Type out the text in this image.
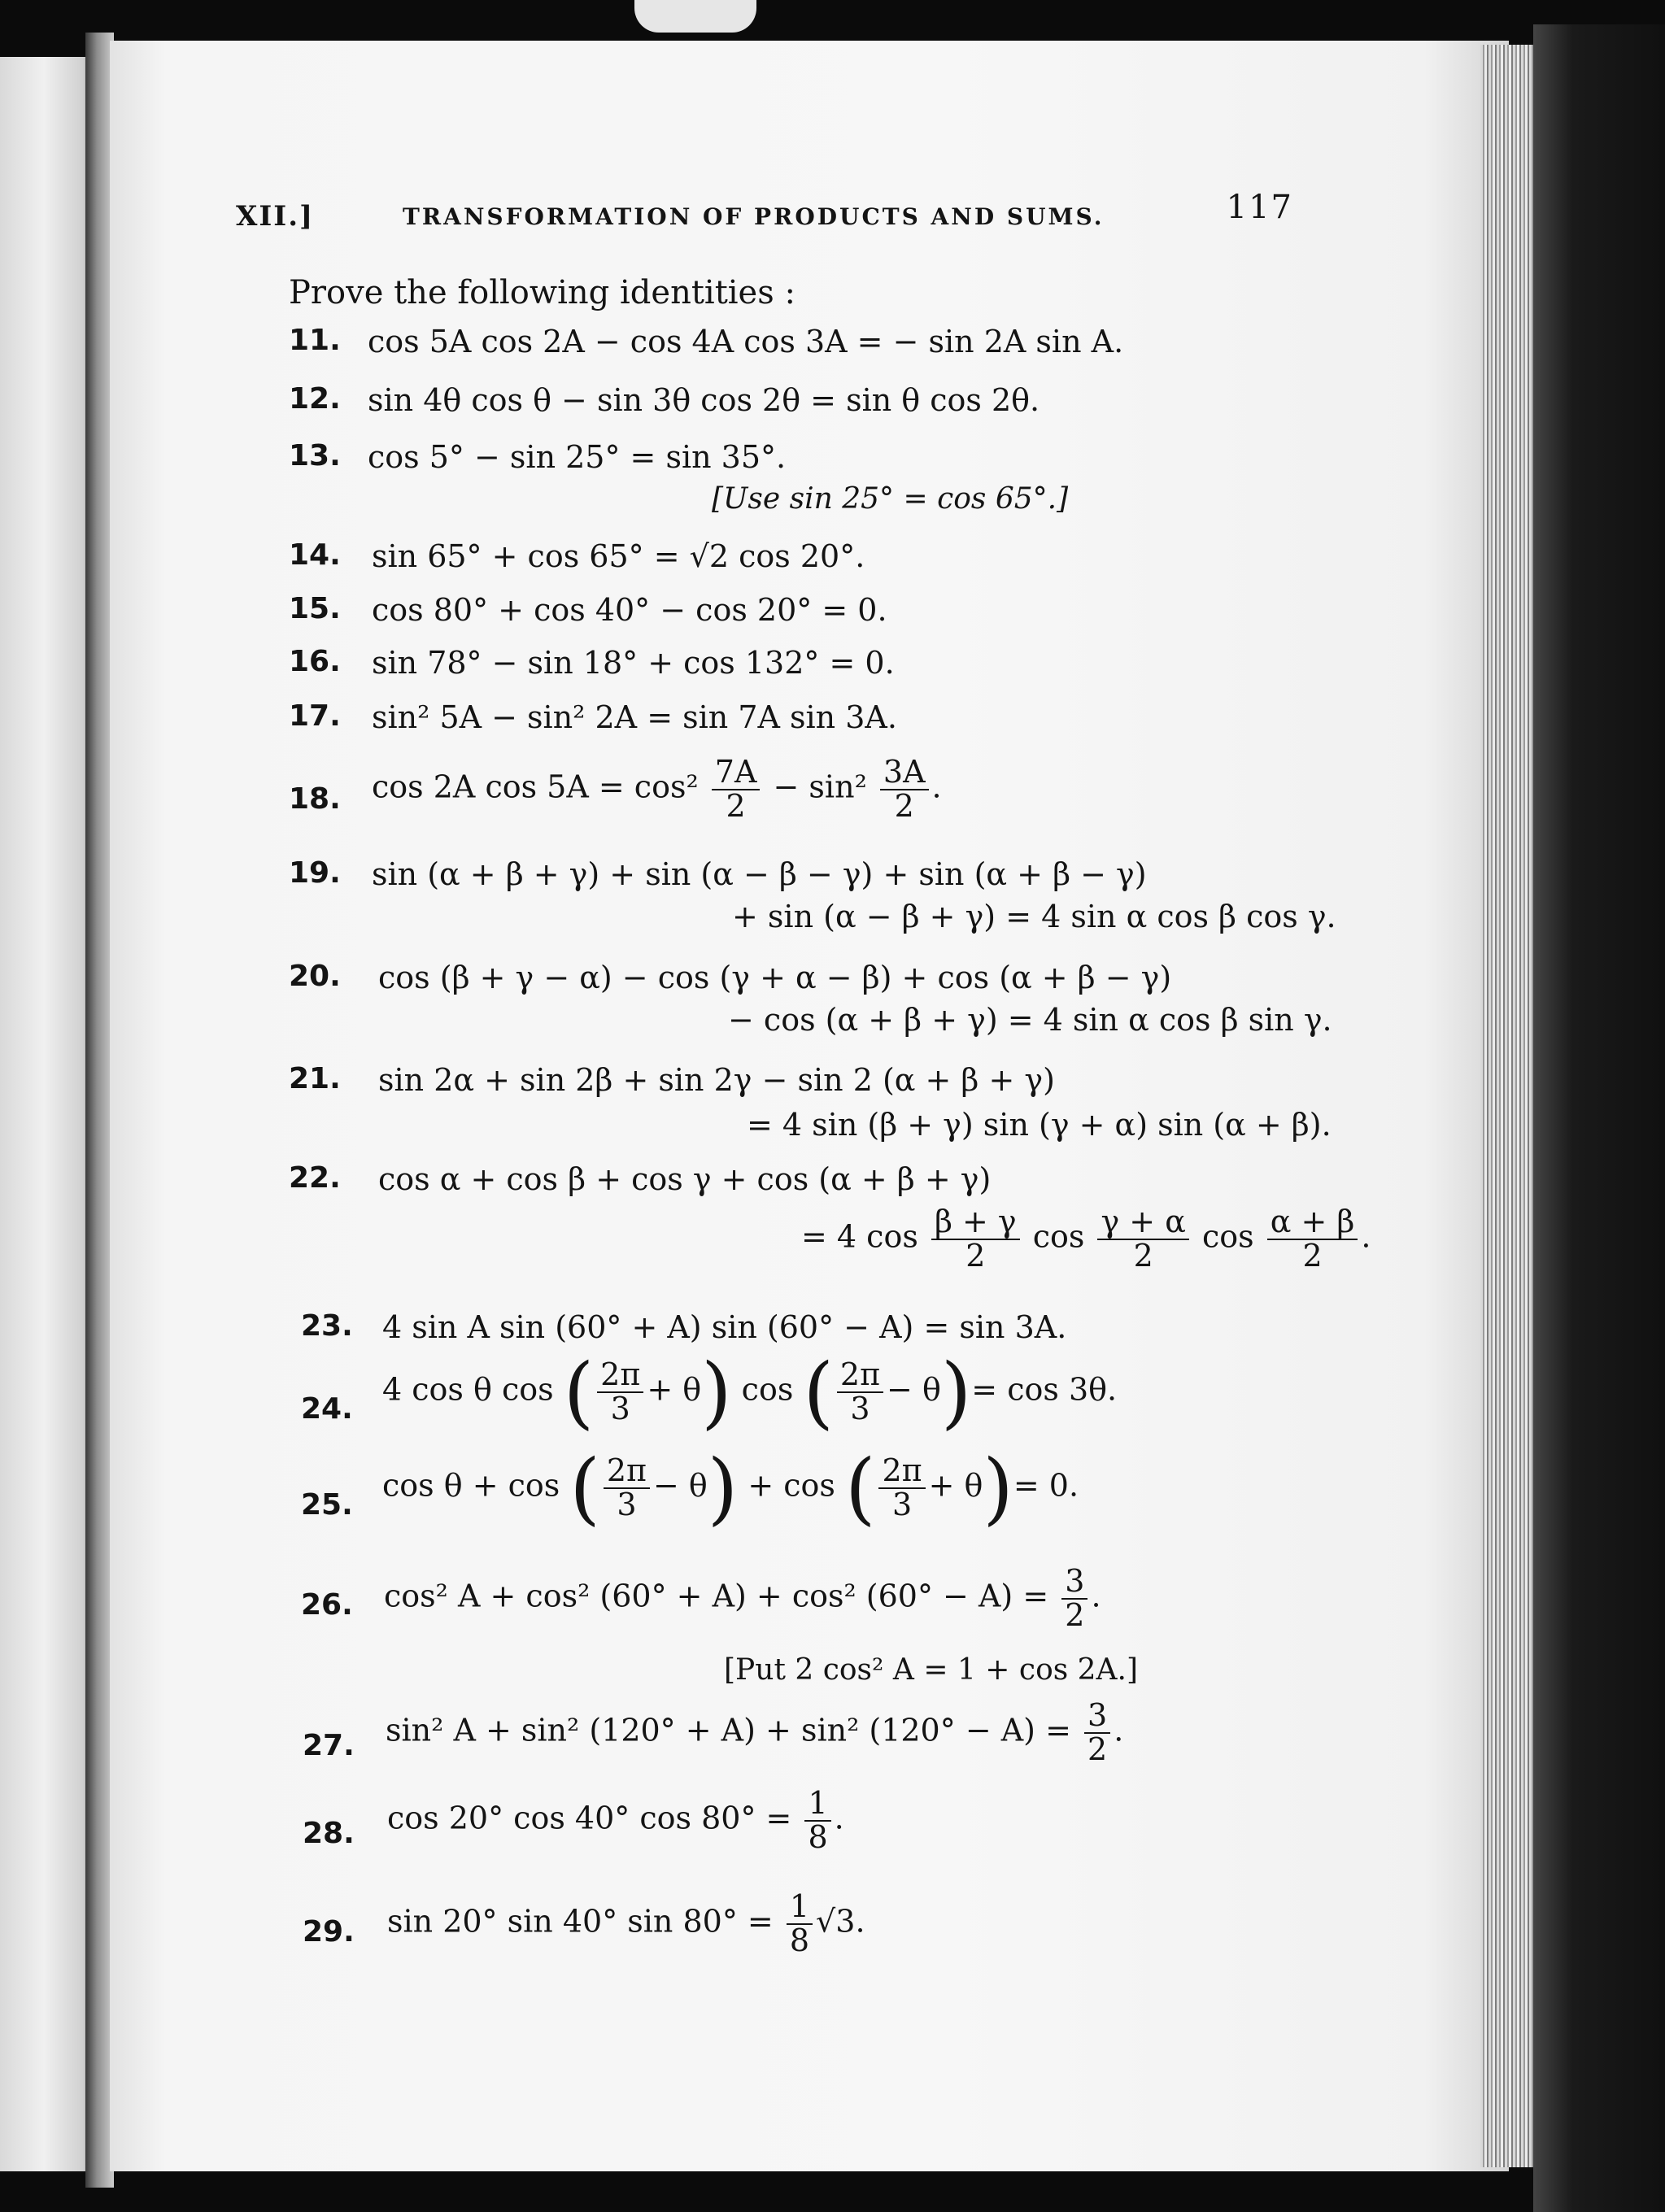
XII.]	TRANSFORMATION OF PRODUCTS AND SUMS.	117
Prove the following identities :
11. cos 5A cos 2A − cos 4A cos 3A = − sin 2A sin A.
12. sin 4θ cos θ − sin 3θ cos 2θ = sin θ cos 2θ.
13. cos 5° − sin 25° = sin 35°.
[Use sin 25° = cos 65°.]
14. sin 65° + cos 65° = √2 cos 20°.
15. cos 80° + cos 40° − cos 20° = 0.
16. sin 78° − sin 18° + cos 132° = 0.
17. sin² 5A − sin² 2A = sin 7A sin 3A.
18. cos 2A $\cos 5A = \cos^2 \frac{7A}{2} - \sin^2 \frac{3A}{2}$ .
19. sin (α + β + γ) + sin (α − β − γ) + sin (α + β − γ)
+ sin (α − β + γ) = 4 sin α cos β cos γ.
20. cos (β + γ − α) − cos (γ + α − β) + cos (α + β − γ)
− cos (α + β + γ) = 4 sin α cos β sin γ.
21. sin 2α + sin 2β + sin 2γ − sin 2 (α + β + γ)
= 4 sin (β + γ) sin (γ + α) sin (α + β).
22. cos α + cos β + cos γ + cos (α + β + γ)
= 4 $\cos \frac{\beta + \gamma}{2}$ $\cos \frac{\gamma + \alpha}{2}$ $\cos \frac{\alpha + \beta}{2}$ .
23. 4 sin A sin (60° + A) sin (60° − A) = sin 3A.
24.
4 cos θ cos ( $\frac{2\pi}{3} + \theta$) cos ( $\frac{2\pi}{3} - \theta)= \cos 3\theta$.
25.
cos θ + cos ( $\frac{2\pi}{3} - \theta) + \cos$ ( $\frac{2\pi}{3} + \theta)= 0$.
26. cos² A + cos² (60° + A) + cos² $(60^\circ - A) = \frac{3}{2}$ .
[Put 2 cos² A = 1 + cos 2A.]
27. sin² A + sin² (120° + A) + sin² $(120^\circ - A) = \frac{3}{2}$ .
28. cos 20° cos 40° $\cos 80^\circ = \frac{1}{8}$ .
29. sin 20° sin 40° $\sin 80^\circ = \frac{1}{8} √3$.
